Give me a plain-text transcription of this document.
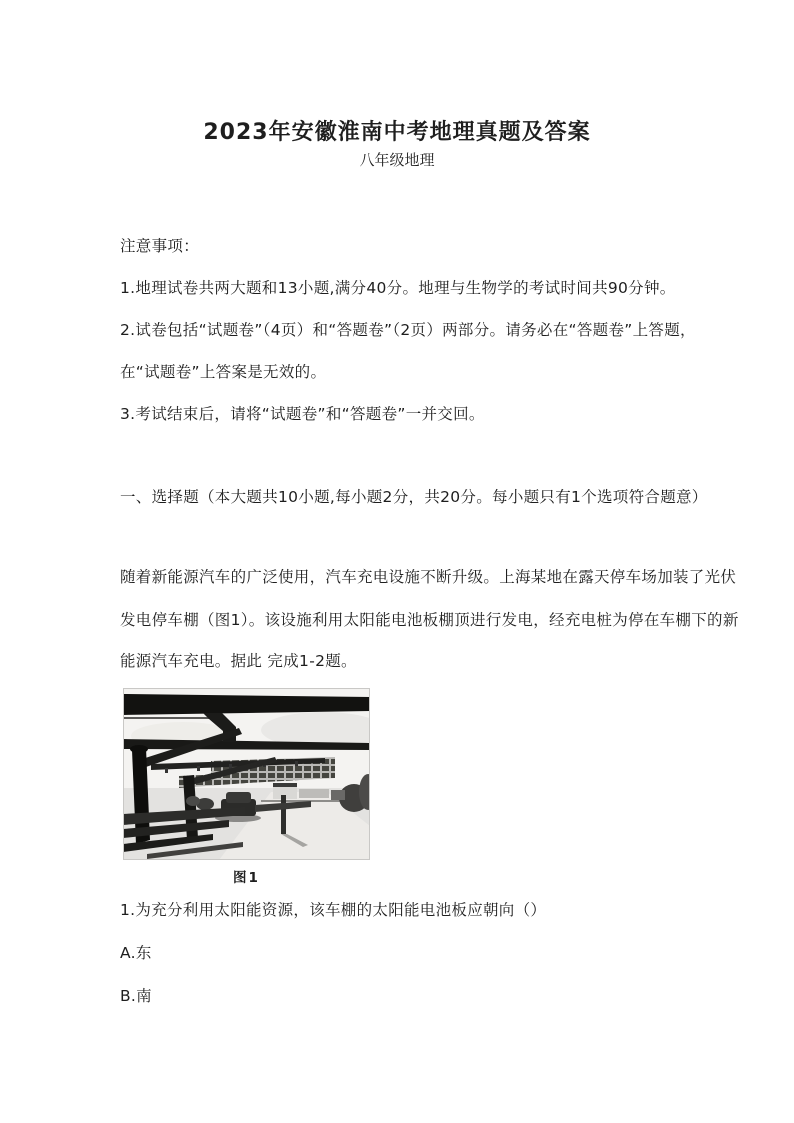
2023年安徽淮南中考地理真题及答案
八年级地理
注意事项：
1.地理试卷共两大题和13小题,满分40分。地理与生物学的考试时间共90分钟。
2.试卷包括“试题卷”（4页）和“答题卷”（2页）两部分。请务必在“答题卷”上答题，
在“试题卷”上答案是无效的。
3.考试结束后，请将“试题卷”和“答题卷”一并交回。
一、选择题（本大题共10小题,每小题2分，共20分。每小题只有1个选项符合题意）
随着新能源汽车的广泛使用，汽车充电设施不断升级。上海某地在露天停车场加装了光伏
发电停车棚（图1）。该设施利用太阳能电池板棚顶进行发电，经充电桩为停在车棚下的新
能源汽车充电。据此 完成1-2题。
图1
1.为充分利用太阳能资源，该车棚的太阳能电池板应朝向（）
A.东
B.南
